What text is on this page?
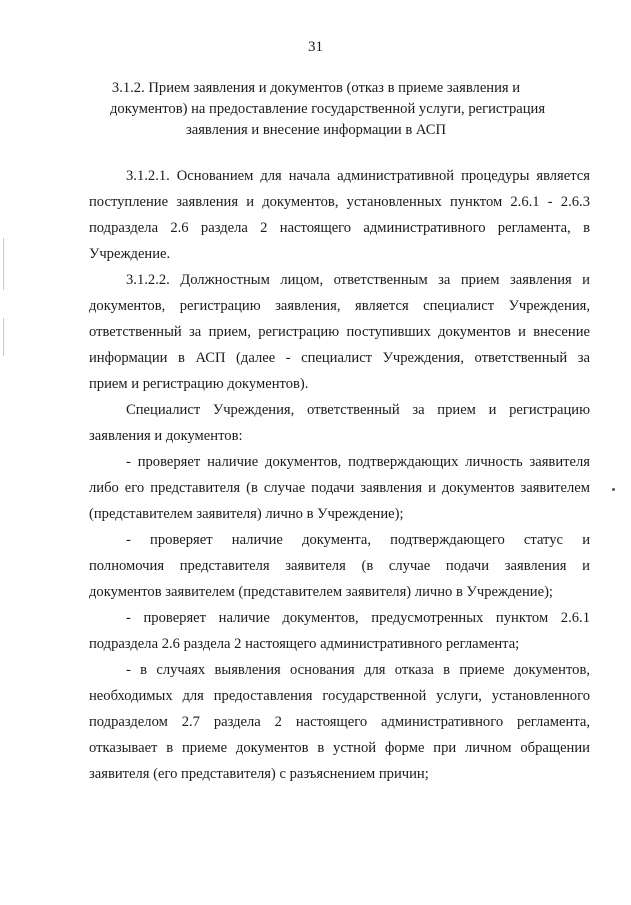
31
3.1.2. Прием заявления и документов (отказ в приеме заявления и
документов) на предоставление государственной услуги, регистрация
заявления и внесение информации в АСП
3.1.2.1. Основанием для начала административной процедуры является
поступление заявления и документов, установленных пунктом 2.6.1 - 2.6.3
подраздела 2.6 раздела 2 настоящего административного регламента, в
Учреждение.
3.1.2.2. Должностным лицом, ответственным за прием заявления и
документов, регистрацию заявления, является специалист Учреждения,
ответственный за прием, регистрацию поступивших документов и внесение
информации в АСП (далее - специалист Учреждения, ответственный за
прием и регистрацию документов).
Специалист Учреждения, ответственный за прием и регистрацию
заявления и документов:
- проверяет наличие документов, подтверждающих личность заявителя
либо его представителя (в случае подачи заявления и документов заявителем
(представителем заявителя) лично в Учреждение);
- проверяет наличие документа, подтверждающего статус и
полномочия представителя заявителя (в случае подачи заявления и
документов заявителем (представителем заявителя) лично в Учреждение);
- проверяет наличие документов, предусмотренных пунктом 2.6.1
подраздела 2.6 раздела 2 настоящего административного регламента;
- в случаях выявления основания для отказа в приеме документов,
необходимых для предоставления государственной услуги, установленного
подразделом 2.7 раздела 2 настоящего административного регламента,
отказывает в приеме документов в устной форме при личном обращении
заявителя (его представителя) с разъяснением причин;
